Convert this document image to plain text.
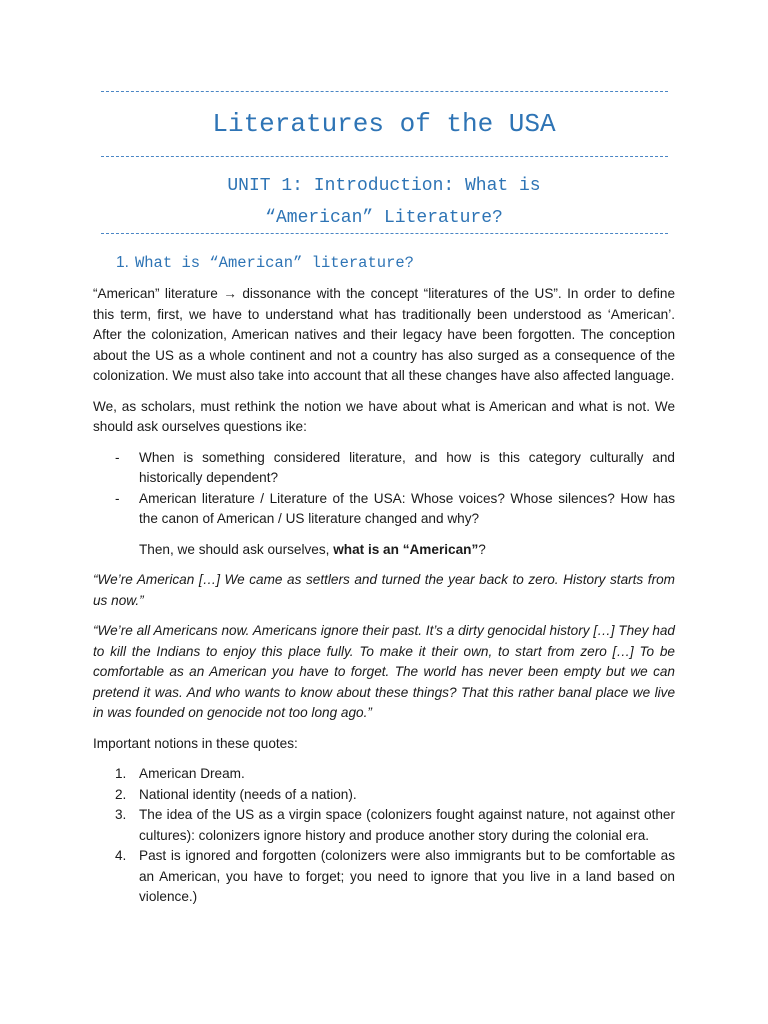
Literatures of the USA
UNIT 1: Introduction: What is
“American” Literature?
1. What is “American” literature?

“American” literature → dissonance with the concept “literatures of the US”. In order to define this term, first, we have to understand what has traditionally been understood as ‘American’. After the colonization, American natives and their legacy have been forgotten. The conception about the US as a whole continent and not a country has also surged as a consequence of the colonization. We must also take into account that all these changes have also affected language.

We, as scholars, must rethink the notion we have about what is American and what is not. We should ask ourselves questions ike:

- When is something considered literature, and how is this category culturally and historically dependent?
- American literature / Literature of the USA: Whose voices? Whose silences? How has the canon of American / US literature changed and why?

Then, we should ask ourselves, what is an “American”?

“We’re American […] We came as settlers and turned the year back to zero. History starts from us now.”

“We’re all Americans now. Americans ignore their past. It’s a dirty genocidal history […] They had to kill the Indians to enjoy this place fully. To make it their own, to start from zero […] To be comfortable as an American you have to forget. The world has never been empty but we can pretend it was. And who wants to know about these things? That this rather banal place we live in was founded on genocide not too long ago.”

Important notions in these quotes:

1. American Dream.
2. National identity (needs of a nation).
3. The idea of the US as a virgin space (colonizers fought against nature, not against other cultures): colonizers ignore history and produce another story during the colonial era.
4. Past is ignored and forgotten (colonizers were also immigrants but to be comfortable as an American, you have to forget; you need to ignore that you live in a land based on violence.)
